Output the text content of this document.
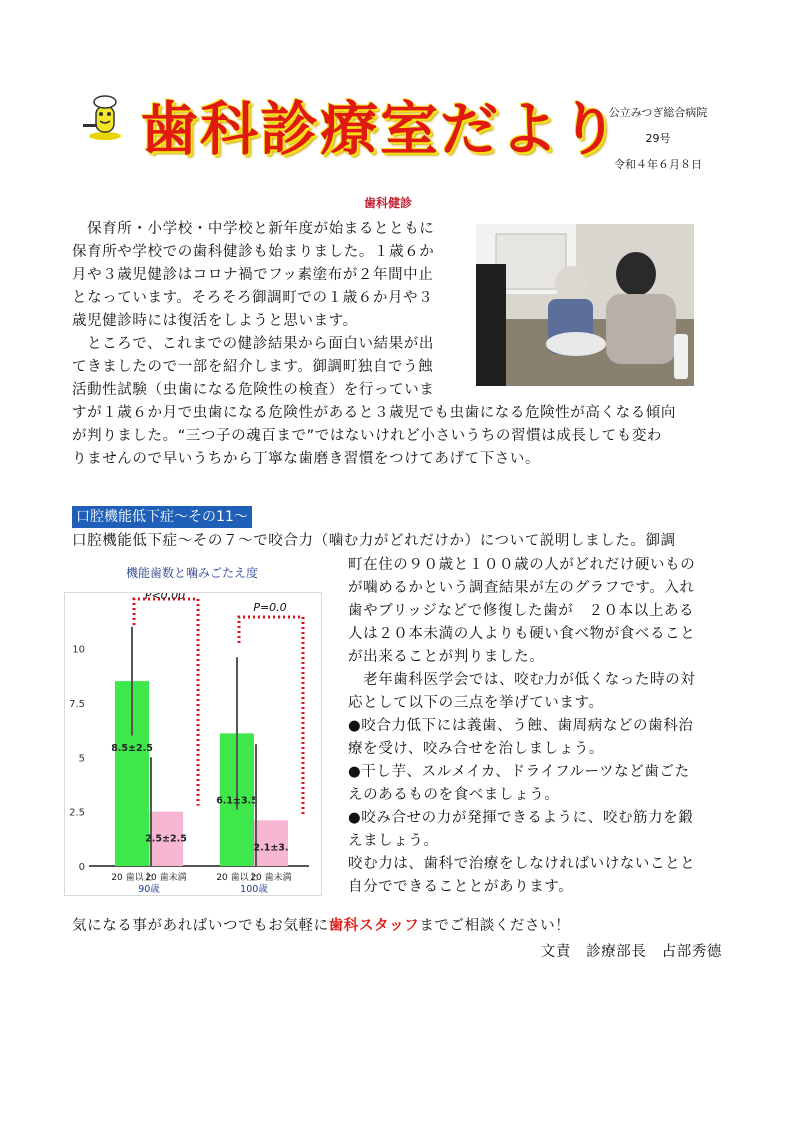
歯科診療室だより
公立みつぎ総合病院
29号
令和４年６月８日
歯科健診
　保育所・小学校・中学校と新年度が始まるとともに
保育所や学校での歯科健診も始まりました。１歳６か
月や３歳児健診はコロナ禍でフッ素塗布が２年間中止
となっています。そろそろ御調町での１歳６か月や３
歳児健診時には復活をしようと思います。
　ところで、これまでの健診結果から面白い結果が出
てきましたので一部を紹介します。御調町独自でう蝕
活動性試験（虫歯になる危険性の検査）を行っていま
すが１歳６か月で虫歯になる危険性があると３歳児でも虫歯になる危険性が高くなる傾向
が判りました。“三つ子の魂百まで”ではないけれど小さいうちの習慣は成長しても変わ
りませんので早いうちから丁寧な歯磨き習慣をつけてあげて下さい。
口腔機能低下症～その11～
口腔機能低下症～その７～で咬合力（噛む力がどれだけか）について説明しました。御調
町在住の９０歳と１００歳の人がどれだけ硬いもの
が噛めるかという調査結果が左のグラフです。入れ
歯やブリッジなどで修復した歯が　２０本以上ある
人は２０本未満の人よりも硬い食べ物が食べること
が出来ることが判りました。
　老年歯科医学会では、咬む力が低くなった時の対
応として以下の三点を挙げています。
●咬合力低下には義歯、う蝕、歯周病などの歯科治
療を受け、咬み合せを治しましょう。
●干し芋、スルメイカ、ドライフルーツなど歯ごた
えのあるものを食べましょう。
●咬み合せの力が発揮できるように、咬む筋力を鍛
えましょう。
咬む力は、歯科で治療をしなければいけないことと
自分でできることとがあります。
機能歯数と噛みごたえ度
0
2.5
5
7.5
10
8.5±2.5
20 歯以上
2.5±2.5
20 歯未満
90歳
P<0.00
6.1±3.5
20 歯以上
2.1±3.
20 歯未満
100歳
P=0.0
気になる事があればいつでもお気軽に歯科スタッフまでご相談ください！
文責　診療部長　占部秀德
